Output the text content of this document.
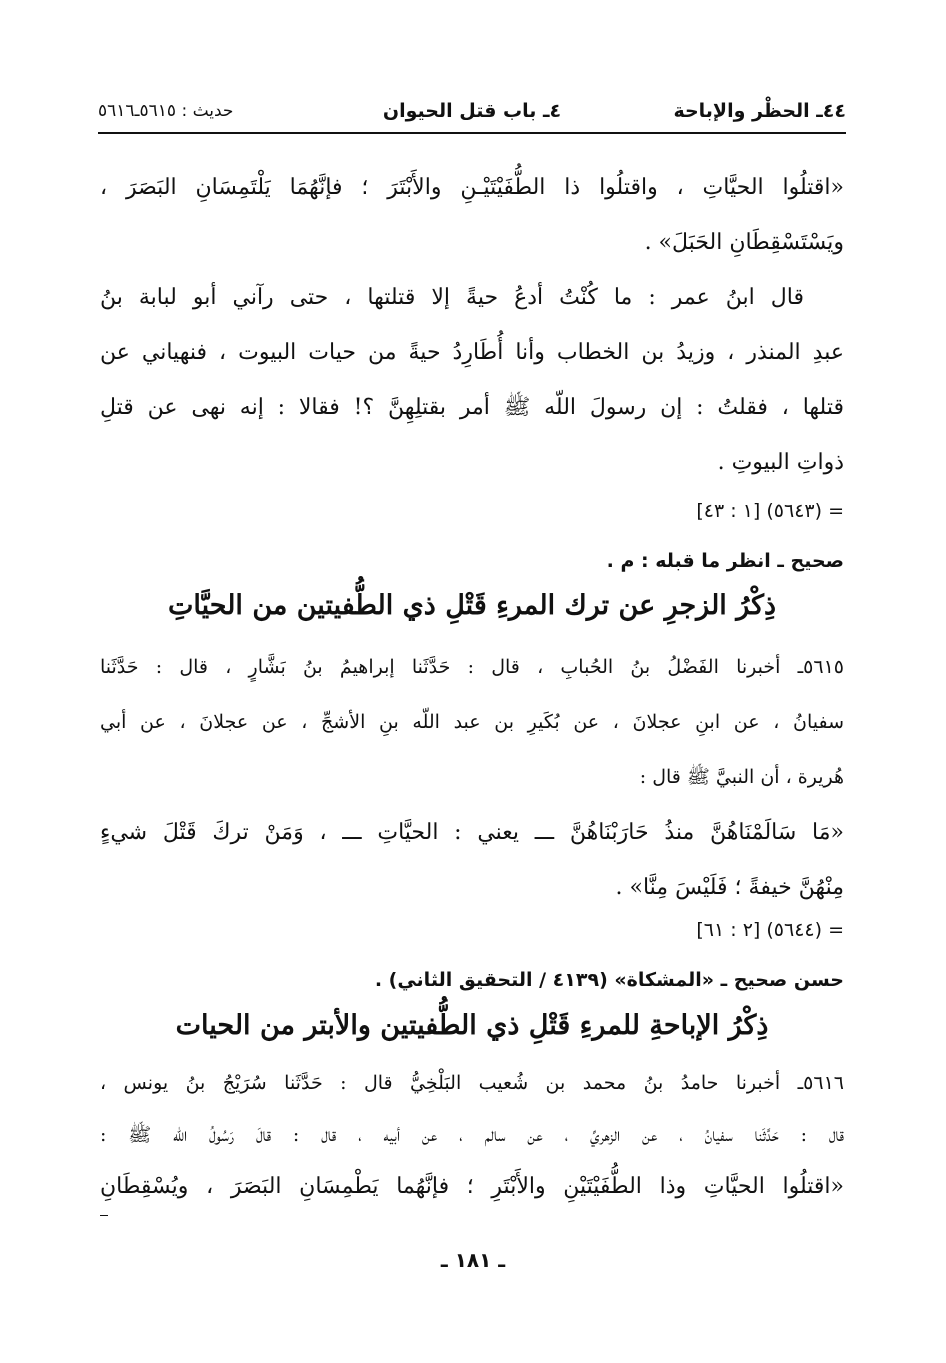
٤٤ـ الحظْر والإباحة
٤ـ باب قتل الحيوان
حديث : ٥٦١٥ـ٥٦١٦
«اقتلُوا الحيَّاتِ ، واقتلُوا ذا الطُّفَيْتَيْـنِ والأَبْتَرَ ؛ فإنَّهُمَا يَلْتَمِسَانِ البَصَرَ ،
ويَسْتَسْقِطَانِ الحَبَلَ» .
قال ابنُ عمر : ما كُنْتُ أدعُ حيةً إلا قتلتها ، حتى رآني أبو لبابة بنُ
عبدِ المنذر ، وزيدُ بن الخطاب وأنا أُطَارِدُ حيةً من حيات البيوت ، فنهياني عن
قتلها ، فقلتُ : إن رسولَ اللّه ﷺ أمر بقتلِهِنَّ ؟! فقالا : إنه نهى عن قتلِ
ذواتِ البيوتِ .
= (٥٦٤٣) [١ : ٤٣]
صحيح ـ انظر ما قبله : م .
ذِكْرُ الزجرِ عن ترك المرءِ قَتْلِ ذي الطُّفيتين من الحيَّاتِ
٥٦١٥ـ أخبرنا الفَضْلُ بنُ الحُبابِ ، قال : حَدَّثَنا إبراهيمُ بنُ بَشَّارٍ ، قال : حَدَّثَنا
سفيانُ ، عن ابنِ عجلانَ ، عن بُكَيرِ بن عبد اللّه بنِ الأشجِّ ، عن عجلانَ ، عن أبي
هُريرة ، أن النبيَّ ﷺ قال :
«مَا سَالَمْنَاهُنَّ منذُ حَارَبْنَاهُنَّ ـــ يعني : الحيَّاتِ ـــ ، وَمَنْ تركَ قَتْلَ شيءٍ
مِنْهُنَّ خيفةً ؛ فَلَيْسَ مِنَّا» .
= (٥٦٤٤) [٢ : ٦١]
حسن صحيح ـ «المشكاة» (٤١٣٩ / التحقيق الثاني) .
ذِكْرُ الإباحةِ للمرءِ قَتْلِ ذي الطُّفيتين والأبتر من الحيات
٥٦١٦ـ أخبرنا حامدُ بنُ محمد بن شُعيب البَلْخِيُّ قال : حَدَّثَنا سُرَيْجُ بنُ يونس ،
قال : حَدَّثَنا سفيانُ ، عن الزهريِّ ، عن سالم ، عن أبيه ، قال : قالَ رَسُولُ اللّه ﷺ :
«اقتلُوا الحيَّاتِ وذا الطُّفَيْتَيْنِ والأَبْتَرِ ؛ فإنَّهُما يَطْمِسَانِ البَصَرَ ، ويُسْقِطَانِ
ـ ١٨١ ـ
